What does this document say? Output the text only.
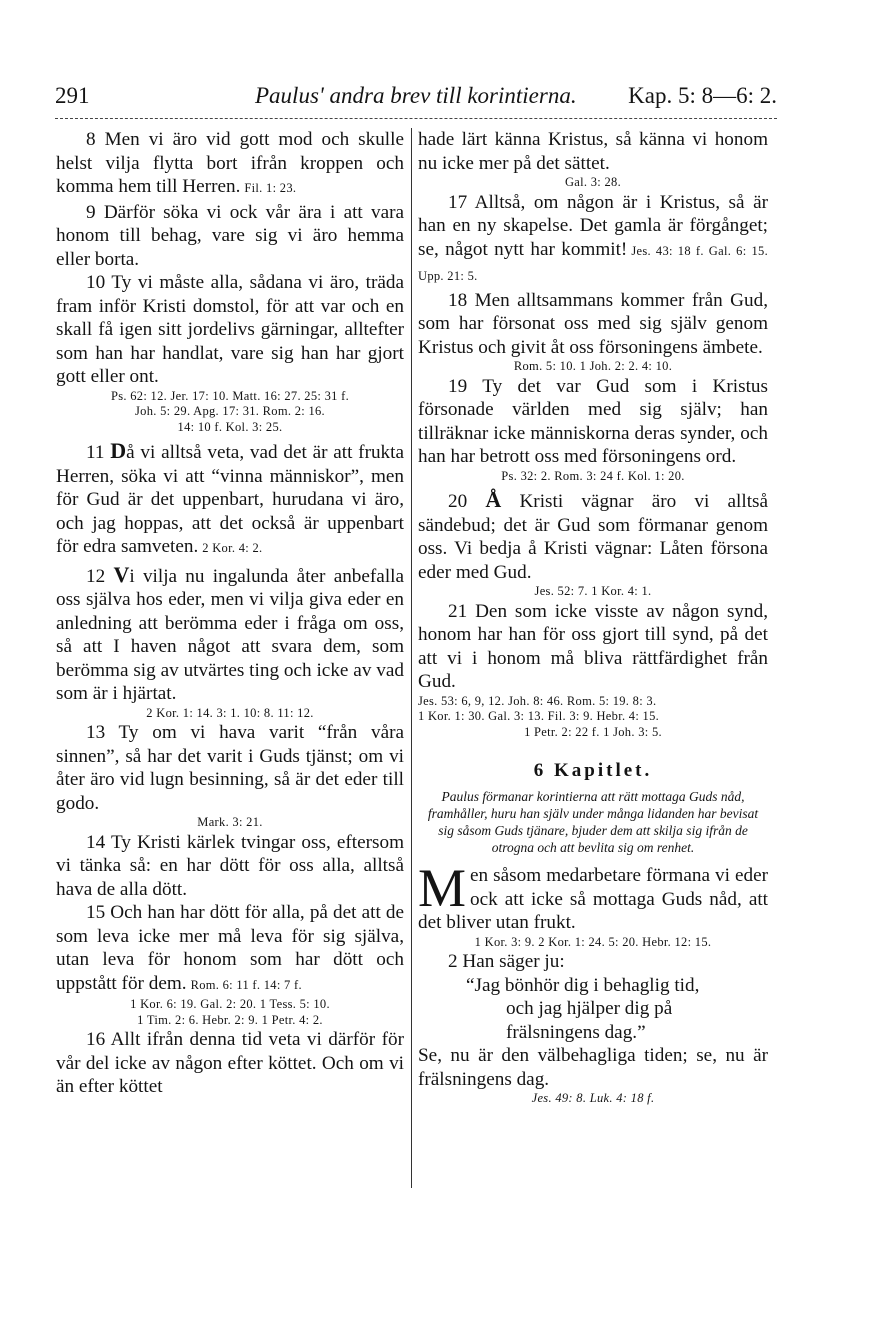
291	Paulus' andra brev till korintierna. Kap. 5: 8—6: 2.

8 Men vi äro vid gott mod och skulle helst vilja flytta bort ifrån kroppen och komma hem till Herren. Fil. 1: 23.

9 Därför söka vi ock vår ära i att vara honom till behag, vare sig vi äro hemma eller borta.

10 Ty vi måste alla, sådana vi äro, träda fram inför Kristi domstol, för att var och en skall få igen sitt jordelivs gärningar, alltefter som han har handlat, vare sig han har gjort gott eller ont.

Ps. 62: 12. Jer. 17: 10. Matt. 16: 27. 25: 31 f.

Joh. 5: 29. Apg. 17: 31. Rom. 2: 16.

14: 10 f. Kol. 3: 25.

11 Då vi alltså veta, vad det är att frukta Herren, söka vi att “vinna människor”, men för Gud är det uppenbart, hurudana vi äro, och jag hoppas, att det också är uppenbart för edra samveten. 2 Kor. 4: 2.

12 Vi vilja nu ingalunda åter anbefalla oss själva hos eder, men vi vilja giva eder en anledning att berömma eder i fråga om oss, så att I haven något att svara dem, som berömma sig av utvärtes ting och icke av vad som är i hjärtat.

2 Kor. 1: 14. 3: 1. 10: 8. 11: 12.

13 Ty om vi hava varit “från våra sinnen”, så har det varit i Guds tjänst; om vi åter äro vid lugn besinning, så är det eder till godo.

Mark. 3: 21.

14 Ty Kristi kärlek tvingar oss, eftersom vi tänka så: en har dött för oss alla, alltså hava de alla dött.

15 Och han har dött för alla, på det att de som leva icke mer må leva för sig själva, utan leva för honom som har dött och uppstått för dem. Rom. 6: 11 f. 14: 7 f.

1 Kor. 6: 19. Gal. 2: 20. 1 Tess. 5: 10.

1 Tim. 2: 6. Hebr. 2: 9. 1 Petr. 4: 2.

16 Allt ifrån denna tid veta vi därför för vår del icke av någon efter köttet. Och om vi än efter köttet

hade lärt känna Kristus, så känna vi honom nu icke mer på det sättet.

Gal. 3: 28.

17 Alltså, om någon är i Kristus, så är han en ny skapelse. Det gamla är förgånget; se, något nytt har kommit! Jes. 43: 18 f. Gal. 6: 15. Upp. 21: 5.

18 Men alltsammans kommer från Gud, som har försonat oss med sig själv genom Kristus och givit åt oss försoningens ämbete.

Rom. 5: 10. 1 Joh. 2: 2. 4: 10.

19 Ty det var Gud som i Kristus försonade världen med sig själv; han tillräknar icke människorna deras synder, och han har betrott oss med försoningens ord.

Ps. 32: 2. Rom. 3: 24 f. Kol. 1: 20.

20 Å Kristi vägnar äro vi alltså sändebud; det är Gud som förmanar genom oss. Vi bedja å Kristi vägnar: Låten försona eder med Gud.

Jes. 52: 7. 1 Kor. 4: 1.

21 Den som icke visste av någon synd, honom har han för oss gjort till synd, på det att vi i honom må bliva rättfärdighet från Gud.

Jes. 53: 6, 9, 12. Joh. 8: 46. Rom. 5: 19. 8: 3.

1 Kor. 1: 30. Gal. 3: 13. Fil. 3: 9. Hebr. 4: 15.

1 Petr. 2: 22 f. 1 Joh. 3: 5.

6 Kapitlet.

Paulus förmanar korintierna att rätt mottaga Guds nåd, framhåller, huru han själv under många lidanden har bevisat sig såsom Guds tjänare, bjuder dem att skilja sig ifrån de otrogna och att bevlita sig om renhet.

M en såsom medarbetare förmana vi eder ock att icke så mottaga Guds nåd, att det bliver utan frukt.

1 Kor. 3: 9. 2 Kor. 1: 24. 5: 20. Hebr. 12: 15.

2 Han säger ju:

“Jag bönhör dig i behaglig tid,
och jag hjälper dig på frälsningens dag.”

Se, nu är den välbehagliga tiden; se, nu är frälsningens dag.

Jes. 49: 8. Luk. 4: 18 f.
